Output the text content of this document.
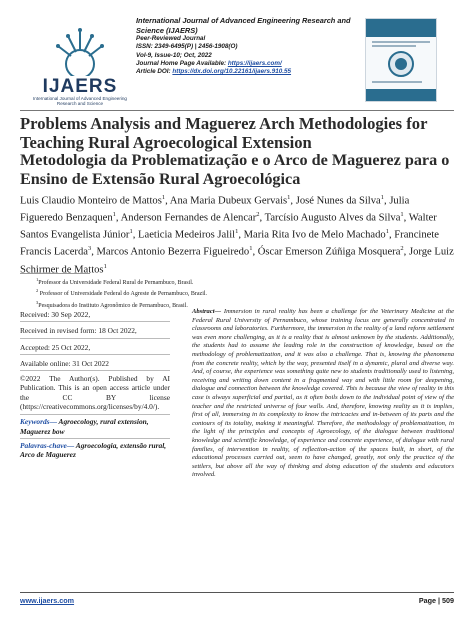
IJAERS
International Journal of Advanced Engineering Research and Science
International Journal of Advanced Engineering Research and Science (IJAERS)
Peer-Reviewed Journal
ISSN: 2349-6495(P) | 2456-1908(O)
Vol-9, Issue-10; Oct, 2022
Journal Home Page Available: https://ijaers.com/
Article DOI: https://dx.doi.org/10.22161/ijaers.910.55
Problems Analysis and Maguerez Arch Methodologies for Teaching Rural Agroecological Extension
Metodologia da Problematização e o Arco de Maguerez para o Ensino de Extensão Rural Agroecológica
Luis Claudio Monteiro de Mattos$^1$, Ana Maria Dubeux Gervais$^1$, José Nunes da Silva$^1$, Julia Figueredo Benzaquen$^1$, Anderson Fernandes de Alencar$^2$, Tarcísio Augusto Alves da Silva$^1$, Walter Santos Evangelista Júnior$^1$, Laeticia Medeiros Jalil$^1$, Maria Rita Ivo de Melo Machado$^1$, Francinete Francis Lacerda$^3$, Marcos Antonio Bezerra Figueiredo$^1$, Óscar Emerson Zúñiga Mosquera$^2$, Jorge Luiz Schirmer de Mattos$^1$
$^1$Professor da Universidade Federal Rural de Pernambuco, Brasil.
$^2$ Professor of Universidade Federal do Agreste de Pernambuco, Brazil.
$^3$Pesquisadora do Instituto Agronômico de Pernambuco, Brasil.
Received: 30 Sep 2022,
Received in revised form: 18 Oct 2022,
Accepted: 25 Oct 2022,
Available online: 31 Oct 2022
©2022 The Author(s). Published by AI Publication. This is an open access article under the CC BY license (https://creativecommons.org/licenses/by/4.0/).
Keywords— Agroecology, rural extension, Maguerez bow
Palavras-chave— Agroecologia, extensão rural, Arco de Maguerez
Abstract— Immersion in rural reality has been a challenge for the Veterinary Medicine at the Federal Rural University of Pernambuco, whose training locus are generally concentrated in classrooms and laboratories. Furthermore, the immersion in the reality of a land reform settlement was even more challenging, as it is a reality that is almost unknown by the students. Additionally, the students had to assume the leading role in the construction of knowledge, based on the methodology of problematization, and it was also a challenge. That is, knowing the phenomena from the concrete reality, which by the way, presented itself in a dynamic, plural and diverse way. And, of course, the experience was something quite new to students traditionally used to listening, receiving and writing down content in a fragmented way and with little room for deepening, dialogue and connection between the knowledge covered. This is because the view of reality in this case is always superficial and partial, as it often boils down to the individual point of view of the teacher and the restricted universe of four walls. And, therefore, knowing reality as it is implies, first of all, immersing in its complexity to know the intricacies and in-between of its parts and the contours of its totality, making it meaningful. Therefore, the methodology of problematization, in the light of the principles and concepts of Agroecology, of the dialogue between traditional knowledge and scientific knowledge, of experience and concrete experience, of dialogue with rural families, of intervention in reality, of reflection-action of the spaces built, in short, of the educational processes carried out, seem to have changed, greatly, not only the practice of the settlers, but above all the way of thinking and doing education of the students and educators involved.
www.ijaers.com	Page | 509
